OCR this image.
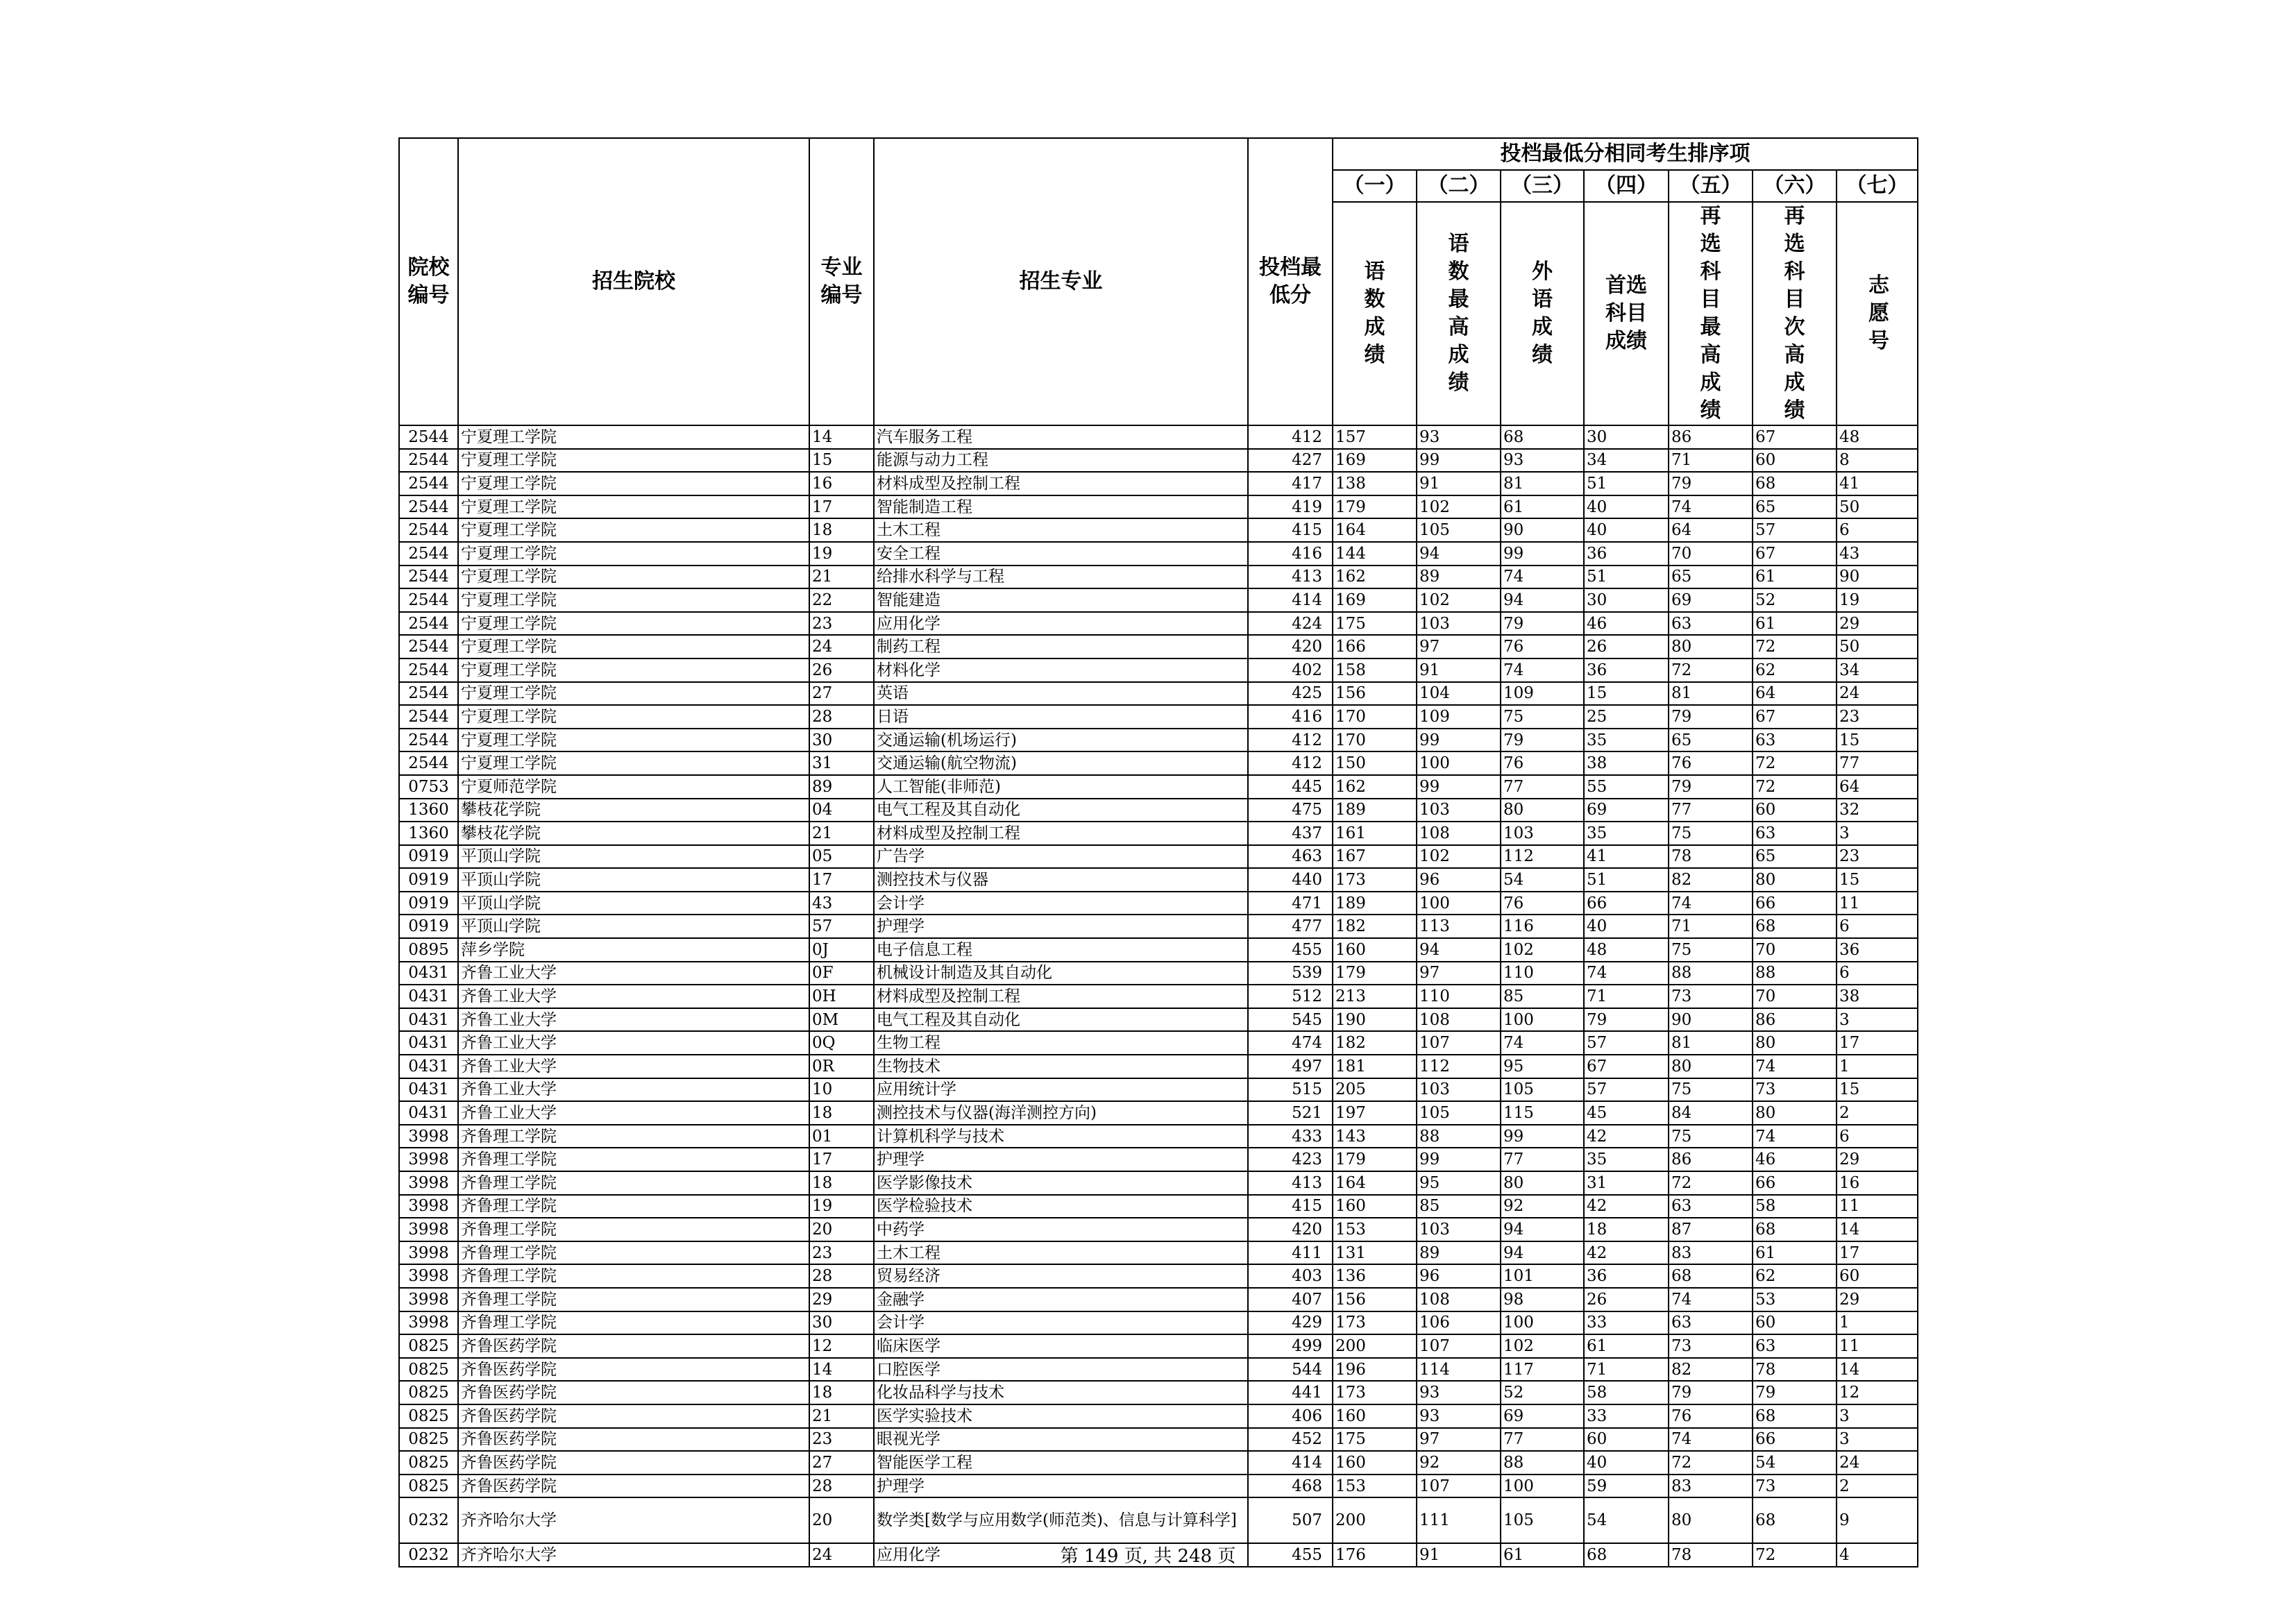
院校编号	招生院校	专业编号	招生专业	投档最低分	投档最低分相同考生排序项						
					（一）	（二）	（三）	（四）	（五）	（六）	（七）
					语数成绩	语数最高成绩	外语成绩	首选科目成绩	再选科目最高成绩	再选科目次高成绩	志愿号
2544	宁夏理工学院	14	汽车服务工程	412	157	93	68	30	86	67	48
2544	宁夏理工学院	15	能源与动力工程	427	169	99	93	34	71	60	8
2544	宁夏理工学院	16	材料成型及控制工程	417	138	91	81	51	79	68	41
2544	宁夏理工学院	17	智能制造工程	419	179	102	61	40	74	65	50
2544	宁夏理工学院	18	土木工程	415	164	105	90	40	64	57	6
2544	宁夏理工学院	19	安全工程	416	144	94	99	36	70	67	43
2544	宁夏理工学院	21	给排水科学与工程	413	162	89	74	51	65	61	90
2544	宁夏理工学院	22	智能建造	414	169	102	94	30	69	52	19
2544	宁夏理工学院	23	应用化学	424	175	103	79	46	63	61	29
2544	宁夏理工学院	24	制药工程	420	166	97	76	26	80	72	50
2544	宁夏理工学院	26	材料化学	402	158	91	74	36	72	62	34
2544	宁夏理工学院	27	英语	425	156	104	109	15	81	64	24
2544	宁夏理工学院	28	日语	416	170	109	75	25	79	67	23
2544	宁夏理工学院	30	交通运输(机场运行)	412	170	99	79	35	65	63	15
2544	宁夏理工学院	31	交通运输(航空物流)	412	150	100	76	38	76	72	77
0753	宁夏师范学院	89	人工智能(非师范)	445	162	99	77	55	79	72	64
1360	攀枝花学院	04	电气工程及其自动化	475	189	103	80	69	77	60	32
1360	攀枝花学院	21	材料成型及控制工程	437	161	108	103	35	75	63	3
0919	平顶山学院	05	广告学	463	167	102	112	41	78	65	23
0919	平顶山学院	17	测控技术与仪器	440	173	96	54	51	82	80	15
0919	平顶山学院	43	会计学	471	189	100	76	66	74	66	11
0919	平顶山学院	57	护理学	477	182	113	116	40	71	68	6
0895	萍乡学院	0J	电子信息工程	455	160	94	102	48	75	70	36
0431	齐鲁工业大学	0F	机械设计制造及其自动化	539	179	97	110	74	88	88	6
0431	齐鲁工业大学	0H	材料成型及控制工程	512	213	110	85	71	73	70	38
0431	齐鲁工业大学	0M	电气工程及其自动化	545	190	108	100	79	90	86	3
0431	齐鲁工业大学	0Q	生物工程	474	182	107	74	57	81	80	17
0431	齐鲁工业大学	0R	生物技术	497	181	112	95	67	80	74	1
0431	齐鲁工业大学	10	应用统计学	515	205	103	105	57	75	73	15
0431	齐鲁工业大学	18	测控技术与仪器(海洋测控方向)	521	197	105	115	45	84	80	2
3998	齐鲁理工学院	01	计算机科学与技术	433	143	88	99	42	75	74	6
3998	齐鲁理工学院	17	护理学	423	179	99	77	35	86	46	29
3998	齐鲁理工学院	18	医学影像技术	413	164	95	80	31	72	66	16
3998	齐鲁理工学院	19	医学检验技术	415	160	85	92	42	63	58	11
3998	齐鲁理工学院	20	中药学	420	153	103	94	18	87	68	14
3998	齐鲁理工学院	23	土木工程	411	131	89	94	42	83	61	17
3998	齐鲁理工学院	28	贸易经济	403	136	96	101	36	68	62	60
3998	齐鲁理工学院	29	金融学	407	156	108	98	26	74	53	29
3998	齐鲁理工学院	30	会计学	429	173	106	100	33	63	60	1
0825	齐鲁医药学院	12	临床医学	499	200	107	102	61	73	63	11
0825	齐鲁医药学院	14	口腔医学	544	196	114	117	71	82	78	14
0825	齐鲁医药学院	18	化妆品科学与技术	441	173	93	52	58	79	79	12
0825	齐鲁医药学院	21	医学实验技术	406	160	93	69	33	76	68	3
0825	齐鲁医药学院	23	眼视光学	452	175	97	77	60	74	66	3
0825	齐鲁医药学院	27	智能医学工程	414	160	92	88	40	72	54	24
0825	齐鲁医药学院	28	护理学	468	153	107	100	59	83	73	2
0232	齐齐哈尔大学	20	数学类[数学与应用数学(师范类)、信息与计算科学]	507	200	111	105	54	80	68	9
0232	齐齐哈尔大学	24	应用化学	455	176	91	61	68	78	72	4
第 149 页, 共 248 页
